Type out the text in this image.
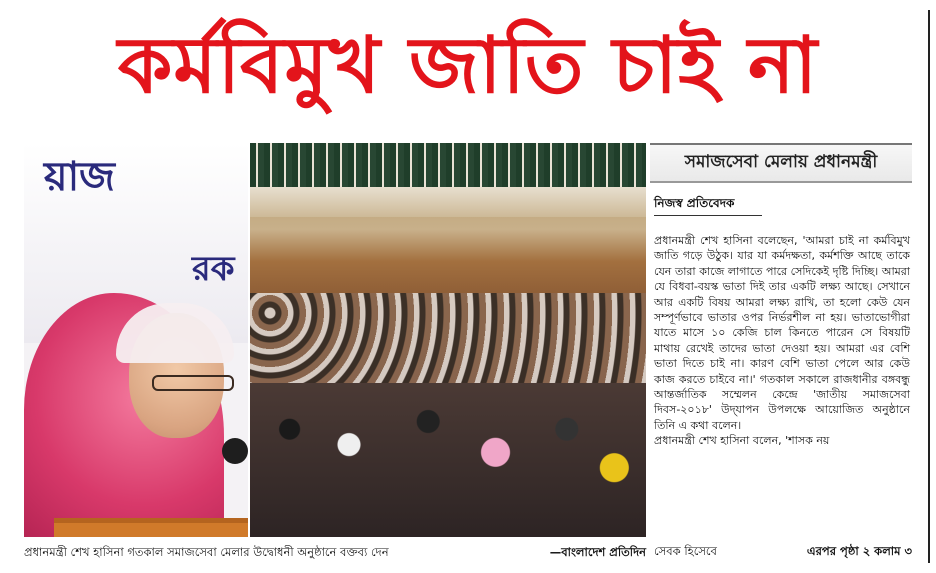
কর্মবিমুখ জাতি চাই না
য়াজ
রক
সমাজসেবা মেলায় প্রধানমন্ত্রী
নিজস্ব প্রতিবেদক
প্রধানমন্ত্রী শেখ হাসিনা বলেছেন, 'আমরা চাই না কর্মবিমুখ জাতি গড়ে উঠুক। যার যা কর্মদক্ষতা, কর্মশক্তি আছে তাকে যেন তারা কাজে লাগাতে পারে সেদিকেই দৃষ্টি দিচ্ছি। আমরা যে বিধবা-বয়স্ক ভাতা দিই তার একটি লক্ষ্য আছে। সেখানে আর একটি বিষয় আমরা লক্ষ্য রাখি, তা হলো কেউ যেন সম্পূর্ণভাবে ভাতার ওপর নির্ভরশীল না হয়। ভাতাভোগীরা যাতে মাসে ১০ কেজি চাল কিনতে পারেন সে বিষয়টি মাথায় রেখেই তাদের ভাতা দেওয়া হয়। আমরা এর বেশি ভাতা দিতে চাই না। কারণ বেশি ভাতা পেলে আর কেউ কাজ করতে চাইবে না।' গতকাল সকালে রাজধানীর বঙ্গবন্ধু আন্তর্জাতিক সম্মেলন কেন্দ্রে 'জাতীয় সমাজসেবা দিবস-২০১৮' উদ্‌যাপন উপলক্ষে আয়োজিত অনুষ্ঠানে তিনি এ কথা বলেন।
প্রধানমন্ত্রী শেখ হাসিনা বলেন, 'শাসক নয়
প্রধানমন্ত্রী শেখ হাসিনা গতকাল সমাজসেবা মেলার উদ্বোধনী অনুষ্ঠানে বক্তব্য দেন	—বাংলাদেশ প্রতিদিন সেবক হিসেবে	এরপর পৃষ্ঠা ২ কলাম ৩
